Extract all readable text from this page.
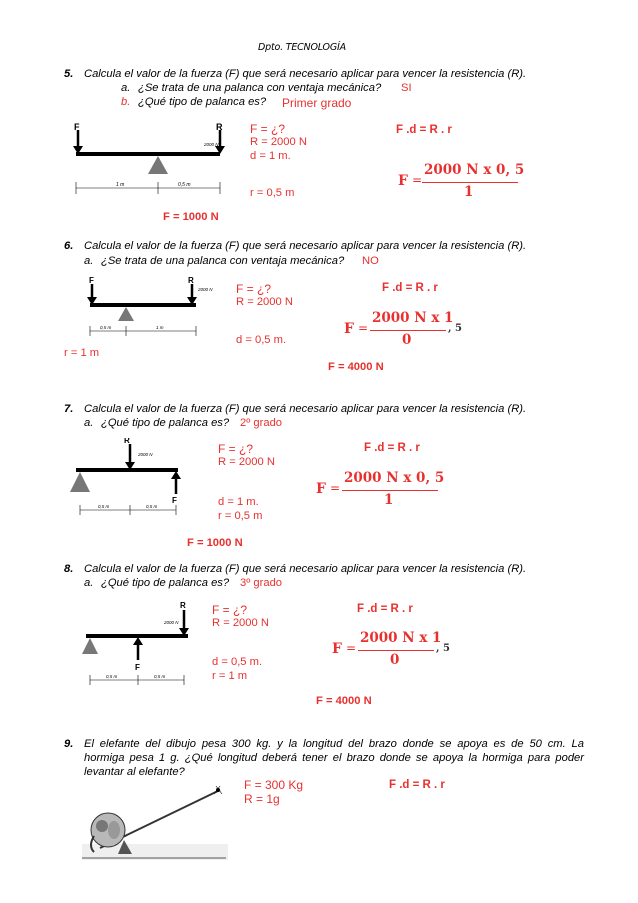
Dpto. TECNOLOGÍA
5. Calcula el valor de la fuerza (F) que será necesario aplicar para vencer la resistencia (R).
a. ¿Se trata de una palanca con ventaja mecánica? SI
b. ¿Qué tipo de palanca es? Primer grado
F	R
2000 N
1 m	0,5 m
F = ¿?
R = 2000 N
d = 1 m.
r = 0,5 m
F .d = R . r
F =
2000 N x 0, 5
1
F = 1000 N
6. Calcula el valor de la fuerza (F) que será necesario aplicar para vencer la resistencia (R).
a. ¿Se trata de una palanca con ventaja mecánica? NO
F	R
2000 N
0,5 m	1 m
F = ¿?
R = 2000 N
d = 0,5 m.
r = 1 m
F .d = R . r
F =
2000 N x 1
0
, 5
F = 4000 N
7. Calcula el valor de la fuerza (F) que será necesario aplicar para vencer la resistencia (R).
a. ¿Qué tipo de palanca es? 2º grado
R
2000 N
F
0,5 m	0,5 m
F = ¿?
R = 2000 N
d = 1 m.
r = 0,5 m
F .d = R . r
F =
2000 N x 0, 5
1
F = 1000 N
8. Calcula el valor de la fuerza (F) que será necesario aplicar para vencer la resistencia (R).
a. ¿Qué tipo de palanca es? 3º grado
R
2000 N
F
0,5 m	0,5 m
F = ¿?
R = 2000 N
d = 0,5 m.
r = 1 m
F .d = R . r
F =
2000 N x 1
0
, 5
F = 4000 N
9. El elefante del dibujo pesa 300 kg. y la longitud del brazo donde se apoya es de 50 cm. La
hormiga pesa 1 g. ¿Qué longitud deberá tener el brazo donde se apoya la hormiga para poder
levantar al elefante?
F = 300 Kg
R = 1g
F .d = R . r
